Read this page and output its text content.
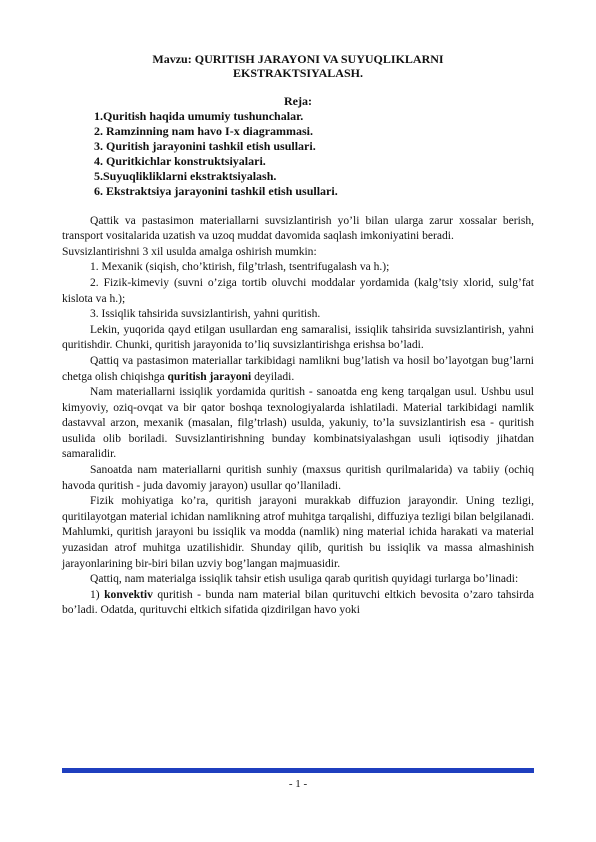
Mavzu: QURITISH JARAYONI VA SUYUQLIKLARNI
EKSTRAKTSIYALASH.
Reja:
1.Quritish haqida umumiy tushunchalar.
2. Ramzinning nam havo I-x diagrammasi.
3. Quritish jarayonini tashkil etish usullari.
4. Quritkichlar konstruktsiyalari.
5.Suyuqlikliklarni ekstraktsiyalash.
6. Ekstraktsiya jarayonini tashkil etish usullari.

Qattik va pastasimon materiallarni suvsizlantirish yo’li bilan ularga zarur xossalar berish, transport vositalarida uzatish va uzoq muddat davomida saqlash imkoniyatini beradi.

Suvsizlantirishni 3 xil usulda amalga oshirish mumkin:

1. Mexanik (siqish, cho’ktirish, filg’trlash, tsentrifugalash va h.);

2. Fizik-kimeviy (suvni o’ziga tortib oluvchi moddalar yordamida (kalg’tsiy xlorid, sulg’fat kislota va h.);

3. Issiqlik tahsirida suvsizlantirish, yahni quritish.

Lekin, yuqorida qayd etilgan usullardan eng samaralisi, issiqlik tahsirida suvsizlantirish, yahni quritishdir. Chunki, quritish jarayonida to’liq suvsizlantirishga erishsa bo’ladi.

Qattiq va pastasimon materiallar tarkibidagi namlikni bug’latish va hosil bo’layotgan bug’larni chetga olish chiqishga quritish jarayoni deyiladi.

Nam materiallarni issiqlik yordamida quritish - sanoatda eng keng tarqalgan usul. Ushbu usul kimyoviy, oziq-ovqat va bir qator boshqa texnologiyalarda ishlatiladi. Material tarkibidagi namlik dastavval arzon, mexanik (masalan, filg’trlash) usulda, yakuniy, to’la suvsizlantirish esa - quritish usulida olib boriladi. Suvsizlantirishning bunday kombinatsiyalashgan usuli iqtisodiy jihatdan samaralidir.

Sanoatda nam materiallarni quritish sunhiy (maxsus quritish qurilmalarida) va tabiiy (ochiq havoda quritish - juda davomiy jarayon) usullar qo’llaniladi.

Fizik mohiyatiga ko’ra, quritish jarayoni murakkab diffuzion jarayondir. Uning tezligi, quritilayotgan material ichidan namlikning atrof muhitga tarqalishi, diffuziya tezligi bilan belgilanadi. Mahlumki, quritish jarayoni bu issiqlik va modda (namlik) ning material ichida harakati va material yuzasidan atrof muhitga uzatilishidir. Shunday qilib, quritish bu issiqlik va massa almashinish jarayonlarining bir-biri bilan uzviy bog’langan majmuasidir.

Qattiq, nam materialga issiqlik tahsir etish usuliga qarab quritish quyidagi turlarga bo’linadi:

1) konvektiv quritish - bunda nam material bilan qurituvchi eltkich bevosita o’zaro tahsirda bo’ladi. Odatda, qurituvchi eltkich sifatida qizdirilgan havo yoki

- 1 -
